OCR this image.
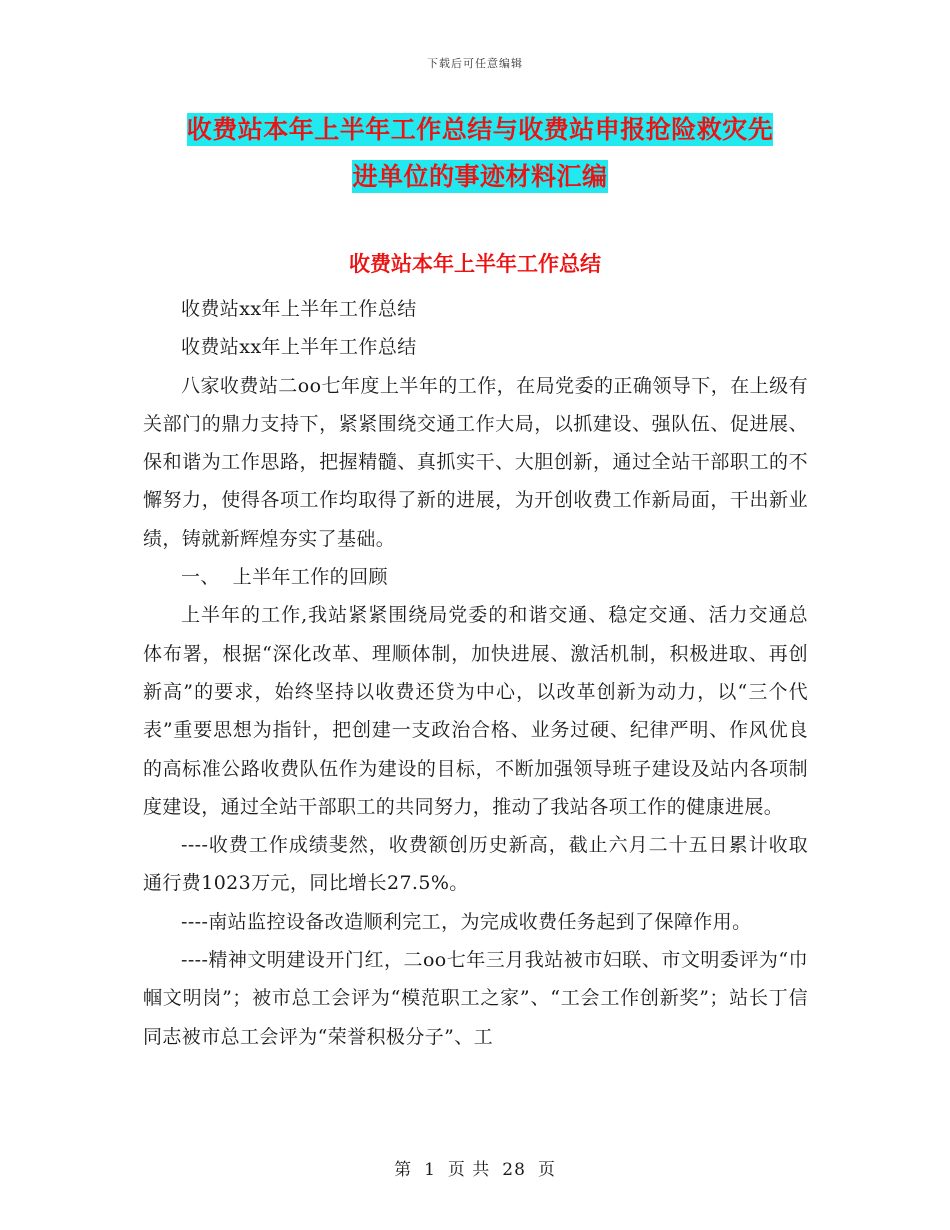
下载后可任意编辑
收费站本年上半年工作总结与收费站申报抢险救灾先
进单位的事迹材料汇编
收费站本年上半年工作总结

收费站xx年上半年工作总结

收费站xx年上半年工作总结

八家收费站二oo七年度上半年的工作，在局党委的正确领导下，在上级有关部门的鼎力支持下，紧紧围绕交通工作大局，以抓建设、强队伍、促进展、保和谐为工作思路，把握精髓、真抓实干、大胆创新，通过全站干部职工的不懈努力，使得各项工作均取得了新的进展，为开创收费工作新局面，干出新业绩，铸就新辉煌夯实了基础。

一、  上半年工作的回顾

上半年的工作,我站紧紧围绕局党委的和谐交通、稳定交通、活力交通总体布署，根据“深化改革、理顺体制，加快进展、激活机制，积极进取、再创新高”的要求，始终坚持以收费还贷为中心，以改革创新为动力，以“三个代表”重要思想为指针，把创建一支政治合格、业务过硬、纪律严明、作风优良的高标准公路收费队伍作为建设的目标，不断加强领导班子建设及站内各项制度建设，通过全站干部职工的共同努力，推动了我站各项工作的健康进展。

----收费工作成绩斐然，收费额创历史新高，截止六月二十五日累计收取通行费1023万元，同比增长27.5%。

----南站监控设备改造顺利完工，为完成收费任务起到了保障作用。

----精神文明建设开门红，二oo七年三月我站被市妇联、市文明委评为“巾帼文明岗”；被市总工会评为“模范职工之家”、“工会工作创新奖”；站长丁信同志被市总工会评为“荣誉积极分子”、工

第 1 页 共 28 页
